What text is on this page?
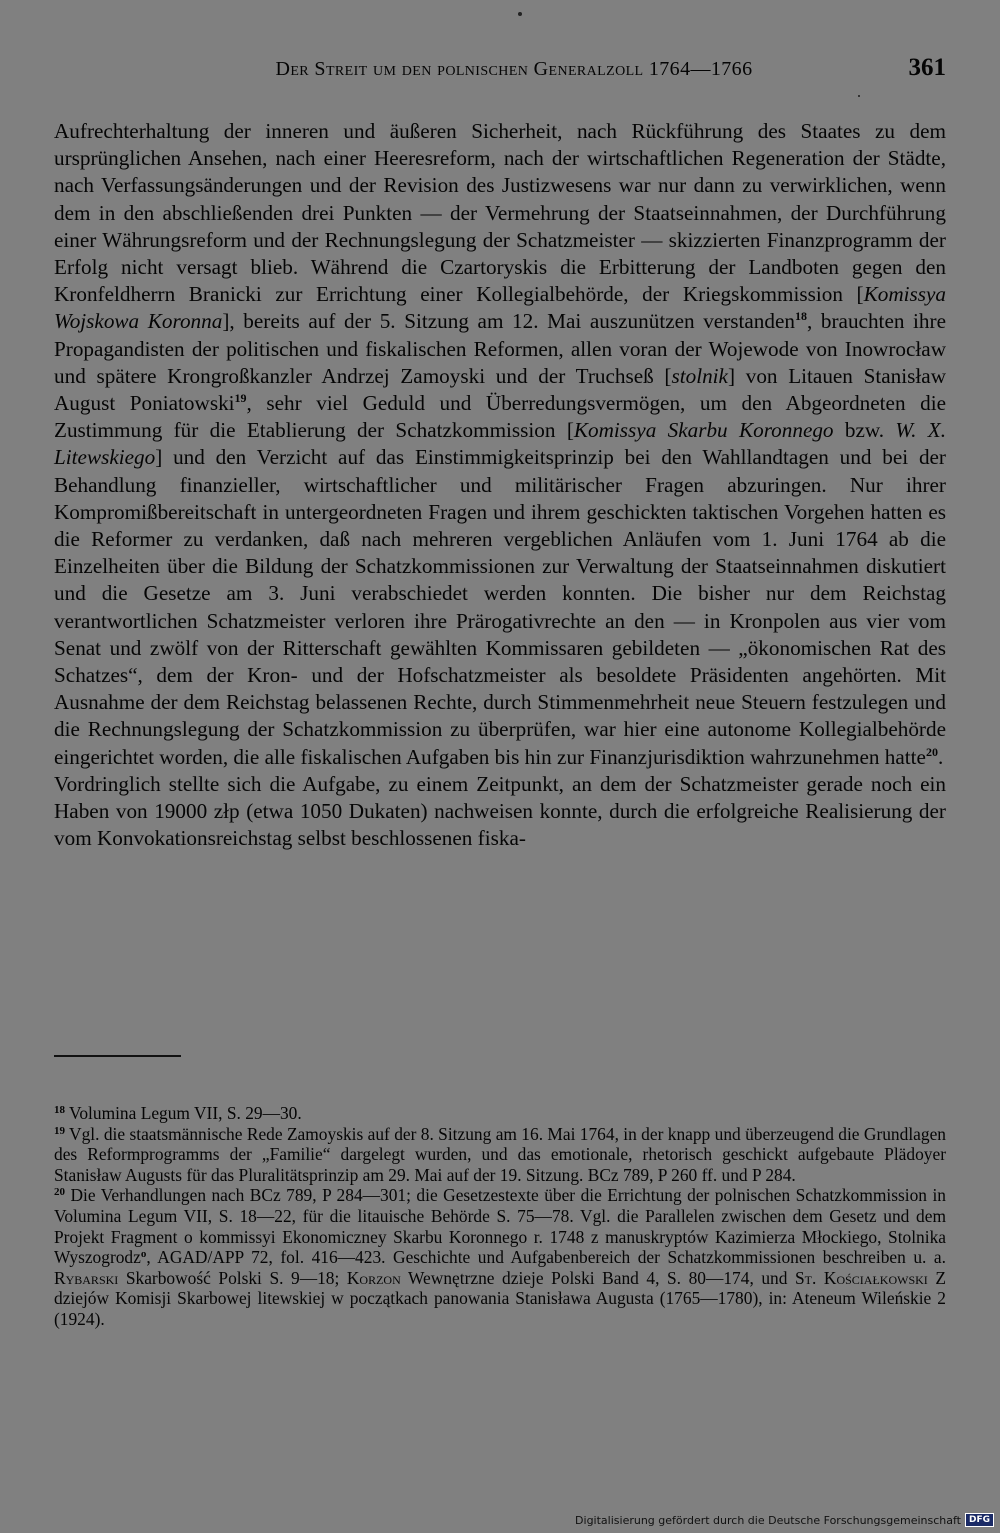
Der Streit um den polnischen Generalzoll 1764—1766	361

Aufrechterhaltung der inneren und äußeren Sicherheit, nach Rückführung des Staates zu dem ursprünglichen Ansehen, nach einer Heeresreform, nach der wirtschaftlichen Regeneration der Städte, nach Verfassungsänderungen und der Revision des Justizwesens war nur dann zu verwirklichen, wenn dem in den abschließenden drei Punkten — der Vermehrung der Staatseinnahmen, der Durchführung einer Währungsreform und der Rechnungslegung der Schatzmeister — skizzierten Finanzprogramm der Erfolg nicht versagt blieb. Während die Czartoryskis die Erbitterung der Landboten gegen den Kronfeldherrn Branicki zur Errichtung einer Kollegialbehörde, der Kriegskommission [Komissya Wojskowa Koronna], bereits auf der 5. Sitzung am 12. Mai auszunützen verstanden$^{18}$, brauchten ihre Propagandisten der politischen und fiskalischen Reformen, allen voran der Wojewode von Inowrocław und spätere Krongroßkanzler Andrzej Zamoyski und der Truchseß [stolnik] von Litauen Stanisław August Poniatowski$^{19}$, sehr viel Geduld und Überredungsvermögen, um den Abgeordneten die Zustimmung für die Etablierung der Schatzkommission [Komissya Skarbu Koronnego bzw. W. X. Litewskiego] und den Verzicht auf das Einstimmigkeitsprinzip bei den Wahllandtagen und bei der Behandlung finanzieller, wirtschaftlicher und militärischer Fragen abzuringen. Nur ihrer Kompromißbereitschaft in untergeordneten Fragen und ihrem geschickten taktischen Vorgehen hatten es die Reformer zu verdanken, daß nach mehreren vergeblichen Anläufen vom 1. Juni 1764 ab die Einzelheiten über die Bildung der Schatzkommissionen zur Verwaltung der Staatseinnahmen diskutiert und die Gesetze am 3. Juni verabschiedet werden konnten. Die bisher nur dem Reichstag verantwortlichen Schatzmeister verloren ihre Prärogativrechte an den — in Kronpolen aus vier vom Senat und zwölf von der Ritterschaft gewählten Kommissaren gebildeten — „ökonomischen Rat des Schatzes“, dem der Kron- und der Hofschatzmeister als besoldete Präsidenten angehörten. Mit Ausnahme der dem Reichstag belassenen Rechte, durch Stimmenmehrheit neue Steuern festzulegen und die Rechnungslegung der Schatzkommission zu überprüfen, war hier eine autonome Kollegialbehörde eingerichtet worden, die alle fiskalischen Aufgaben bis hin zur Finanzjurisdiktion wahrzunehmen hatte$^{20}$.

Vordringlich stellte sich die Aufgabe, zu einem Zeitpunkt, an dem der Schatzmeister gerade noch ein Haben von 19000 złp (etwa 1050 Dukaten) nachweisen konnte, durch die erfolgreiche Realisierung der vom Konvokationsreichstag selbst beschlossenen fiska-

$^{18}$ Volumina Legum VII, S. 29—30.

$^{19}$ Vgl. die staatsmännische Rede Zamoyskis auf der 8. Sitzung am 16. Mai 1764, in der knapp und überzeugend die Grundlagen des Reformprogramms der „Familie“ dargelegt wurden, und das emotionale, rhetorisch geschickt aufgebaute Plädoyer Stanisław Augusts für das Pluralitätsprinzip am 29. Mai auf der 19. Sitzung. BCz 789, P 260 ff. und P 284.

$^{20}$ Die Verhandlungen nach BCz 789, P 284—301; die Gesetzestexte über die Errichtung der polnischen Schatzkommission in Volumina Legum VII, S. 18—22, für die litauische Behörde S. 75—78. Vgl. die Parallelen zwischen dem Gesetz und dem Projekt Fragment o kommissyi Ekonomiczney Skarbu Koronnego r. 1748 z manuskryptów Kazimierza Młockiego, Stolnika Wyszogrodz$^o$, AGAD/APP 72, fol. 416—423. Geschichte und Aufgabenbereich der Schatzkommissionen beschreiben u. a. Rybarski Skarbowość Polski S. 9—18; Korzon Wewnętrzne dzieje Polski Band 4, S. 80—174, und St. Kościałkowski Z dziejów Komisji Skarbowej litewskiej w początkach panowania Stanisława Augusta (1765—1780), in: Ateneum Wileńskie 2 (1924).

Digitalisierung gefördert durch die Deutsche Forschungsgemeinschaft DFG
